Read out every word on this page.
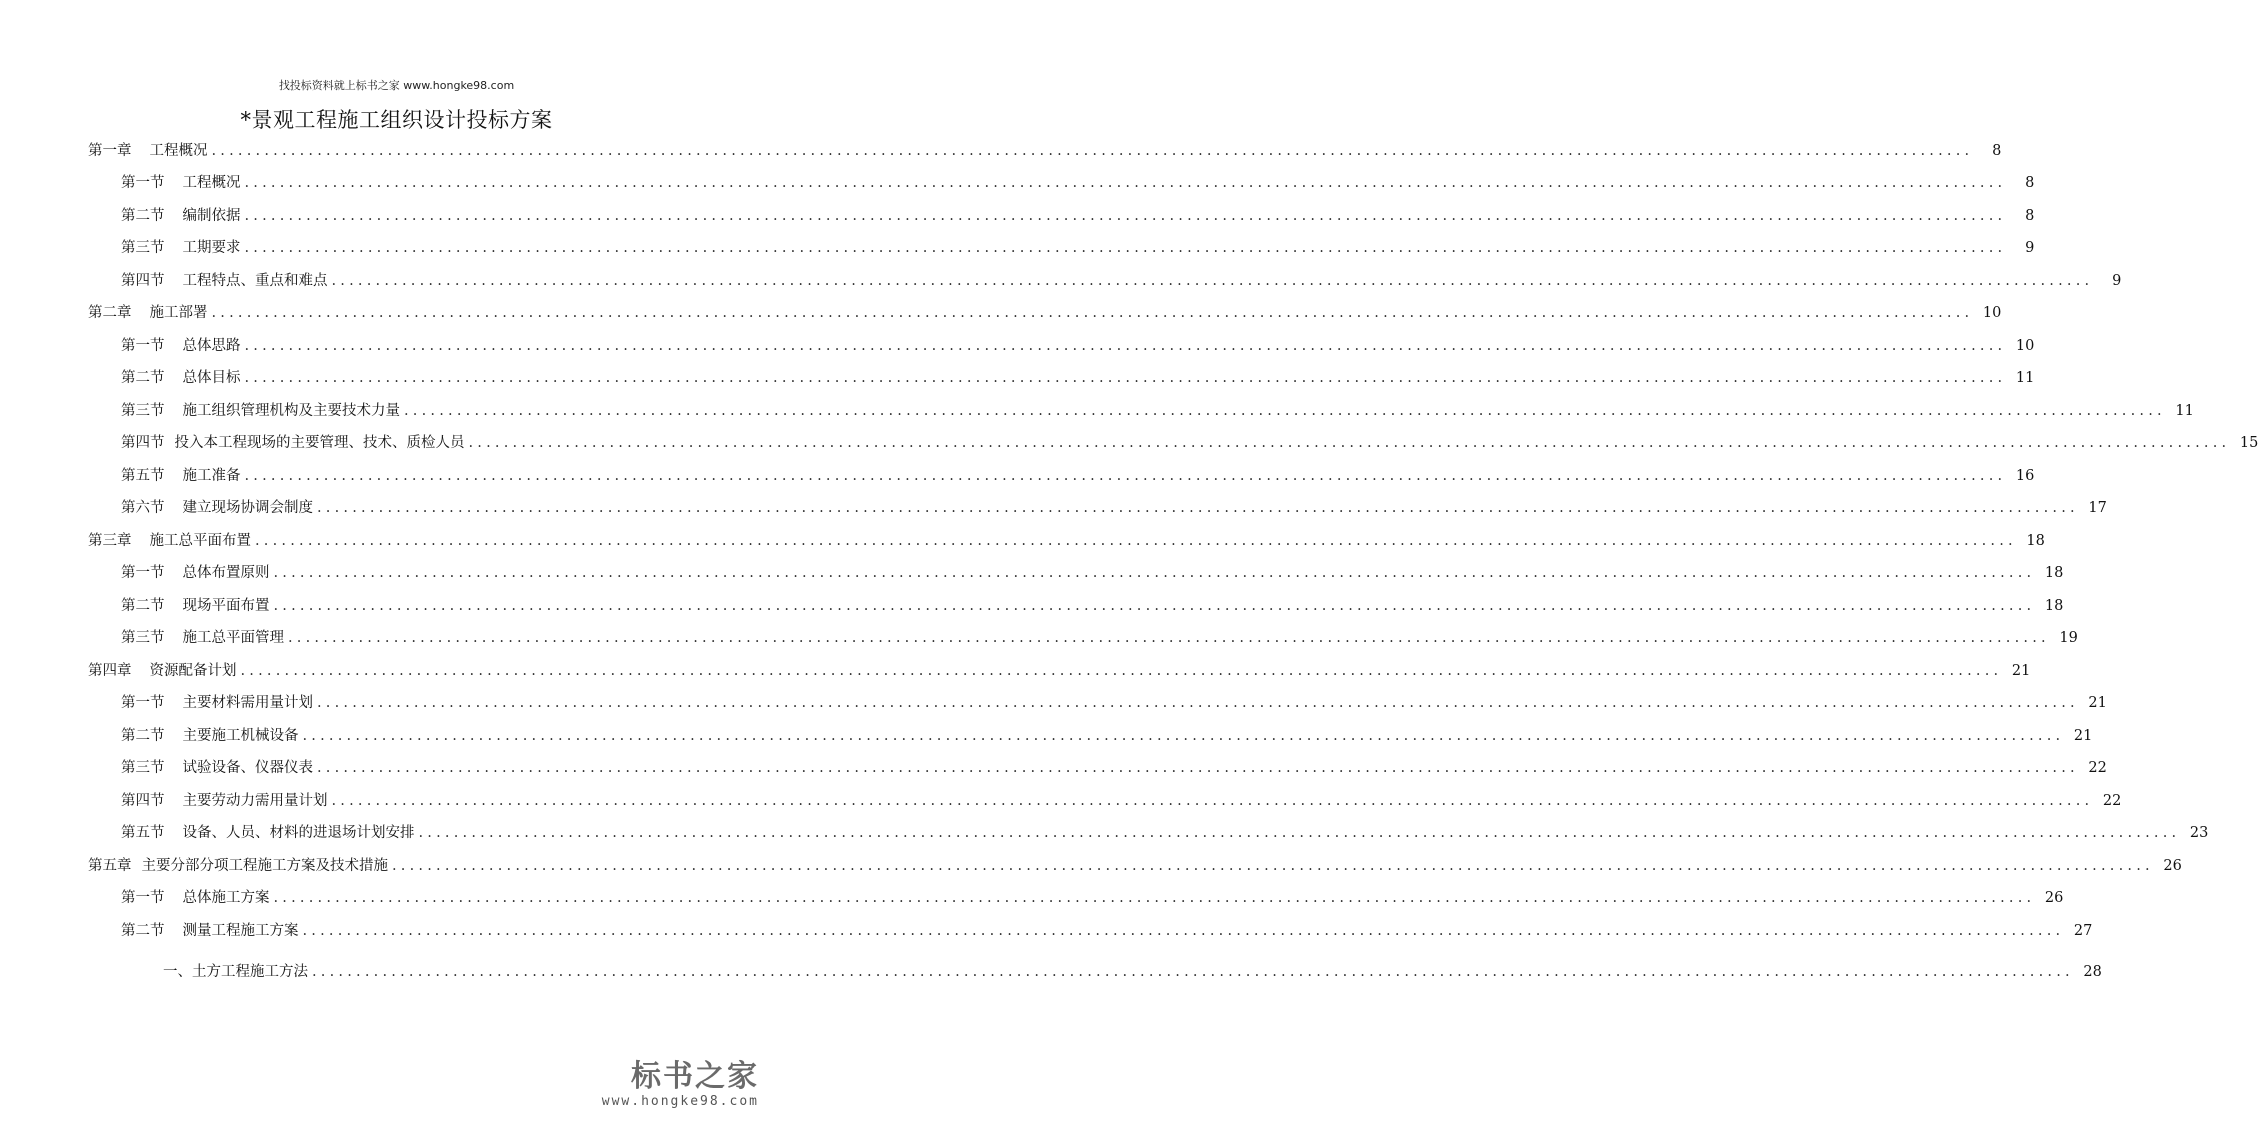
找投标资料就上标书之家 www.hongke98.com
*景观工程施工组织设计投标方案
第一章 工程概况 ........................................................................................................................................................................................................	8
第一节 工程概况 ........................................................................................................................................................................................................	8
第二节 编制依据 ........................................................................................................................................................................................................	8
第三节 工期要求 ........................................................................................................................................................................................................	9
第四节 工程特点、重点和难点 ........................................................................................................................................................................................................	9
第二章 施工部署 ........................................................................................................................................................................................................ 10
第一节 总体思路 ........................................................................................................................................................................................................ 10
第二节 总体目标 ........................................................................................................................................................................................................ 11
第三节 施工组织管理机构及主要技术力量 ........................................................................................................................................................................................................ 11
第四节 投入本工程现场的主要管理、技术、质检人员 ........................................................................................................................................................................................................ 15
第五节 施工准备 ........................................................................................................................................................................................................ 16
第六节 建立现场协调会制度 ........................................................................................................................................................................................................ 17
第三章 施工总平面布置 ........................................................................................................................................................................................................ 18
第一节 总体布置原则 ........................................................................................................................................................................................................ 18
第二节 现场平面布置 ........................................................................................................................................................................................................ 18
第三节 施工总平面管理 ........................................................................................................................................................................................................ 19
第四章 资源配备计划 ........................................................................................................................................................................................................ 21
第一节 主要材料需用量计划 ........................................................................................................................................................................................................ 21
第二节 主要施工机械设备 ........................................................................................................................................................................................................ 21
第三节 试验设备、仪器仪表 ........................................................................................................................................................................................................ 22
第四节 主要劳动力需用量计划 ........................................................................................................................................................................................................ 22
第五节 设备、人员、材料的进退场计划安排 ........................................................................................................................................................................................................ 23
第五章 主要分部分项工程施工方案及技术措施 ........................................................................................................................................................................................................ 26
第一节 总体施工方案 ........................................................................................................................................................................................................ 26
第二节 测量工程施工方案 ........................................................................................................................................................................................................ 27
一、土方工程施工方法 ........................................................................................................................................................................................................ 28
标书之家
www.hongke98.com
